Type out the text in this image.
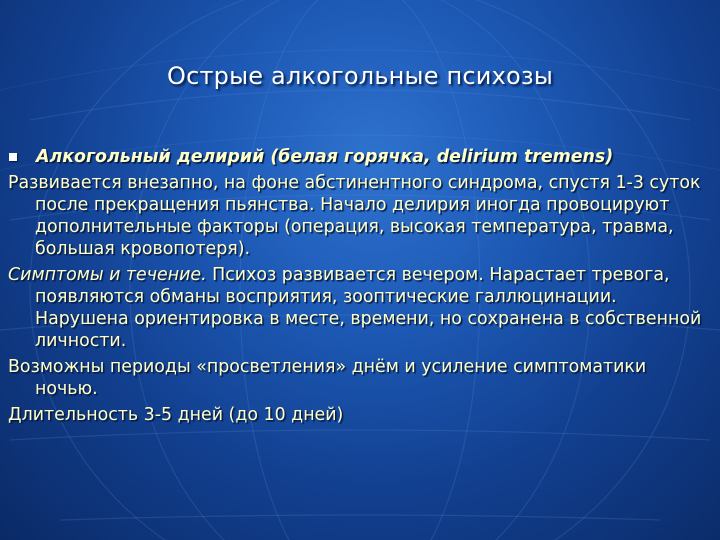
Острые алкогольные психозы
Алкогольный делирий (белая горячка, delirium tremens)
Развивается внезапно, на фоне абстинентного синдрома, спустя 1-3 суток после прекращения пьянства. Начало делирия иногда провоцируют дополнительные факторы (операция, высокая температура, травма, большая кровопотеря).
Симптомы и течение. Психоз развивается вечером. Нарастает тревога, появляются обманы восприятия, зооптические галлюцинации. Нарушена ориентировка в месте, времени, но сохранена в собственной личности.
Возможны периоды «просветления» днём и усиление симптоматики ночью.
Длительность 3-5 дней (до 10 дней)
